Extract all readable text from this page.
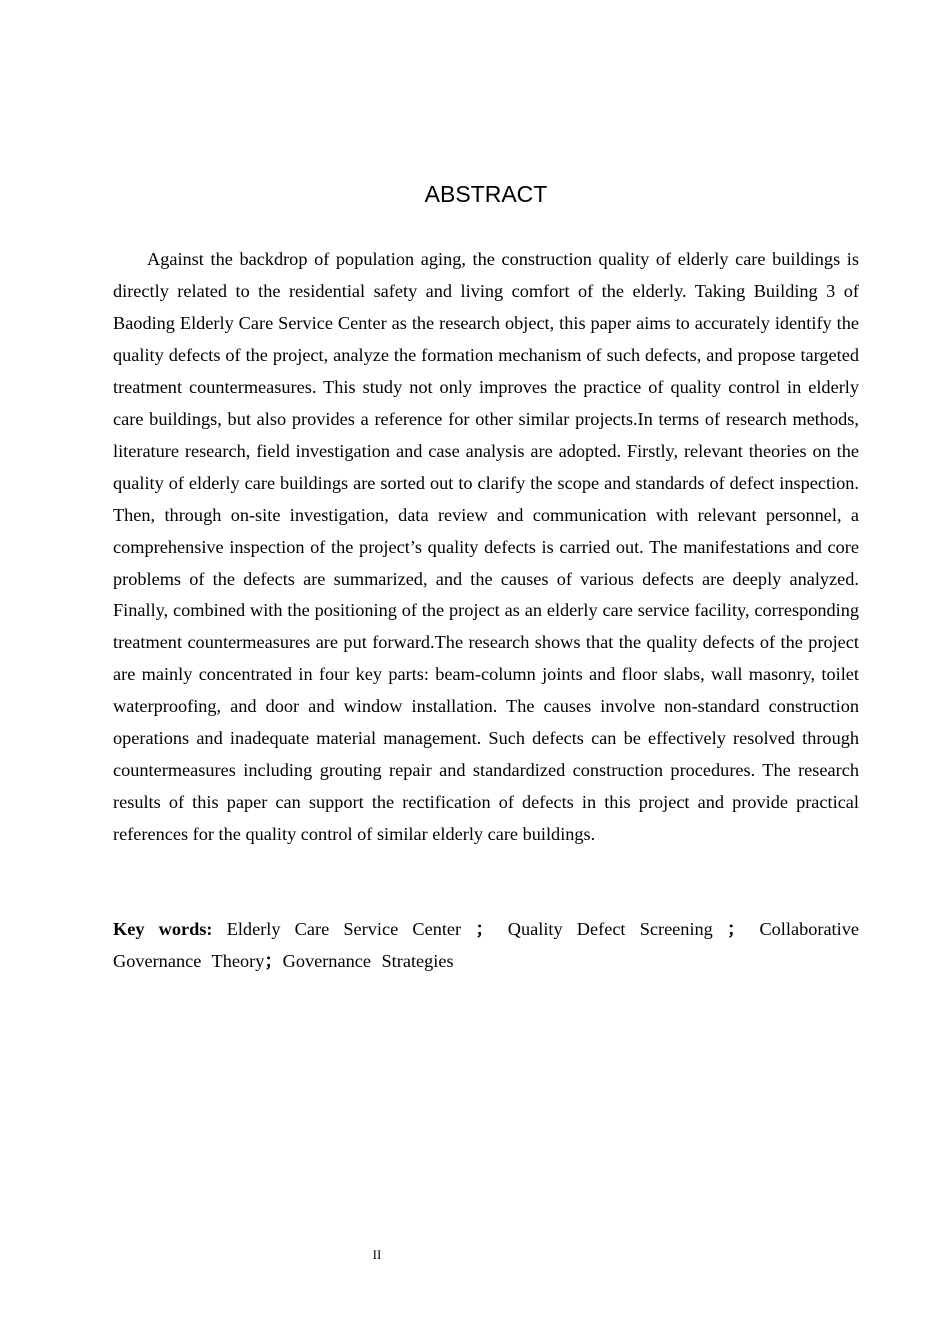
ABSTRACT

Against the backdrop of population aging, the construction quality of elderly care buildings is directly related to the residential safety and living comfort of the elderly. Taking Building 3 of Baoding Elderly Care Service Center as the research object, this paper aims to accurately identify the quality defects of the project, analyze the formation mechanism of such defects, and propose targeted treatment countermeasures. This study not only improves the practice of quality control in elderly care buildings, but also provides a reference for other similar projects.In terms of research methods, literature research, field investigation and case analysis are adopted. Firstly, relevant theories on the quality of elderly care buildings are sorted out to clarify the scope and standards of defect inspection. Then, through on-site investigation, data review and communication with relevant personnel, a comprehensive inspection of the project’s quality defects is carried out. The manifestations and core problems of the defects are summarized, and the causes of various defects are deeply analyzed. Finally, combined with the positioning of the project as an elderly care service facility, corresponding treatment countermeasures are put forward.The research shows that the quality defects of the project are mainly concentrated in four key parts: beam-column joints and floor slabs, wall masonry, toilet waterproofing, and door and window installation. The causes involve non-standard construction operations and inadequate material management. Such defects can be effectively resolved through countermeasures including grouting repair and standardized construction procedures. The research results of this paper can support the rectification of defects in this project and provide practical references for the quality control of similar elderly care buildings.

Key words: Elderly Care Service Center ； Quality Defect Screening ； Collaborative Governance Theory；Governance Strategies

II
